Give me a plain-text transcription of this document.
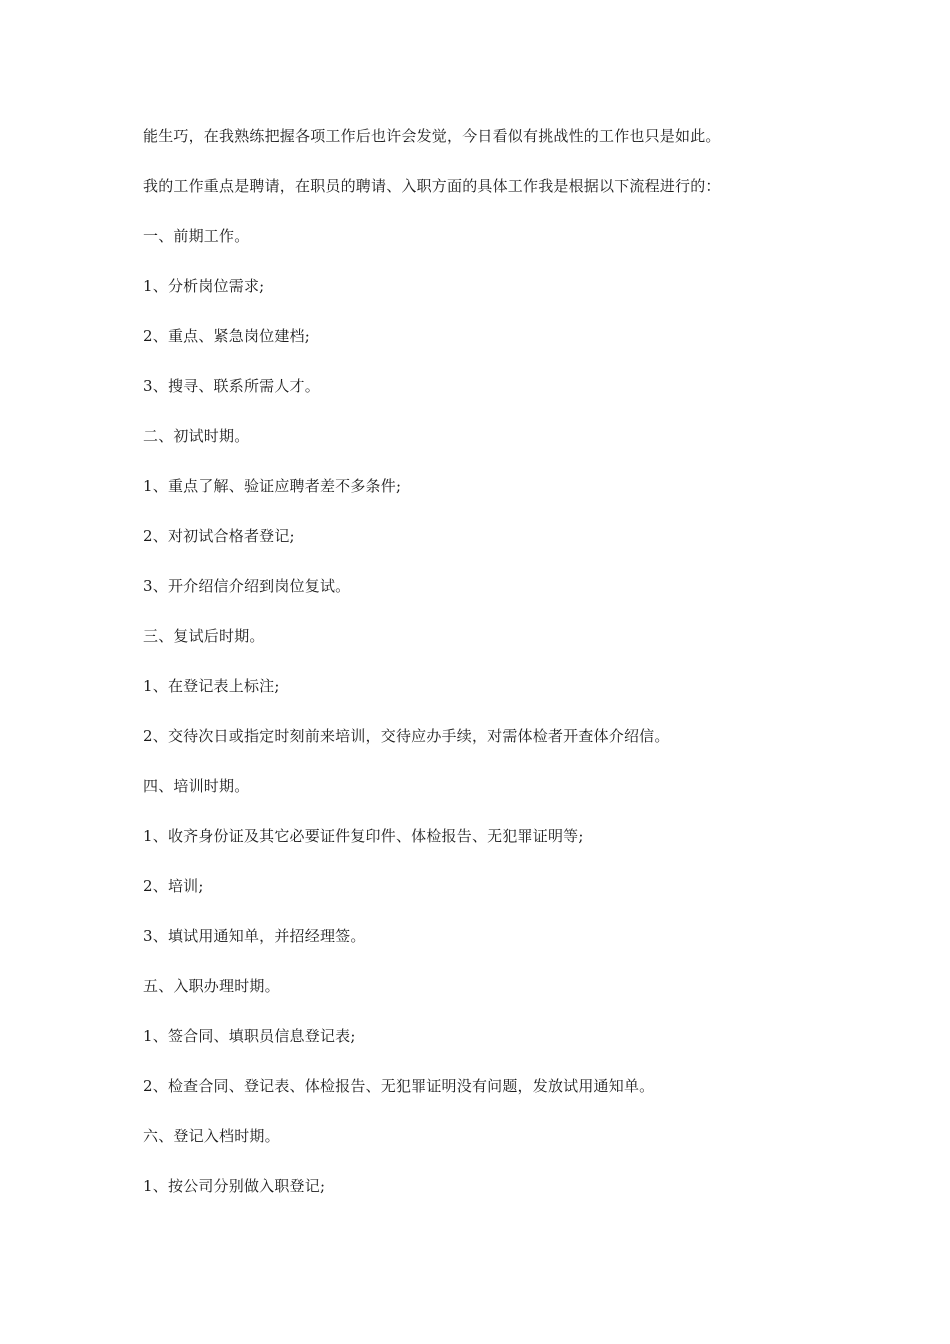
能生巧，在我熟练把握各项工作后也许会发觉，今日看似有挑战性的工作也只是如此。

我的工作重点是聘请，在职员的聘请、入职方面的具体工作我是根据以下流程进行的：

一、前期工作。

1、分析岗位需求;

2、重点、紧急岗位建档;

3、搜寻、联系所需人才。

二、初试时期。

1、重点了解、验证应聘者差不多条件;

2、对初试合格者登记;

3、开介绍信介绍到岗位复试。

三、复试后时期。

1、在登记表上标注;

2、交待次日或指定时刻前来培训，交待应办手续，对需体检者开查体介绍信。

四、培训时期。

1、收齐身份证及其它必要证件复印件、体检报告、无犯罪证明等;

2、培训;

3、填试用通知单，并招经理签。

五、入职办理时期。

1、签合同、填职员信息登记表;

2、检查合同、登记表、体检报告、无犯罪证明没有问题，发放试用通知单。

六、登记入档时期。

1、按公司分别做入职登记;
